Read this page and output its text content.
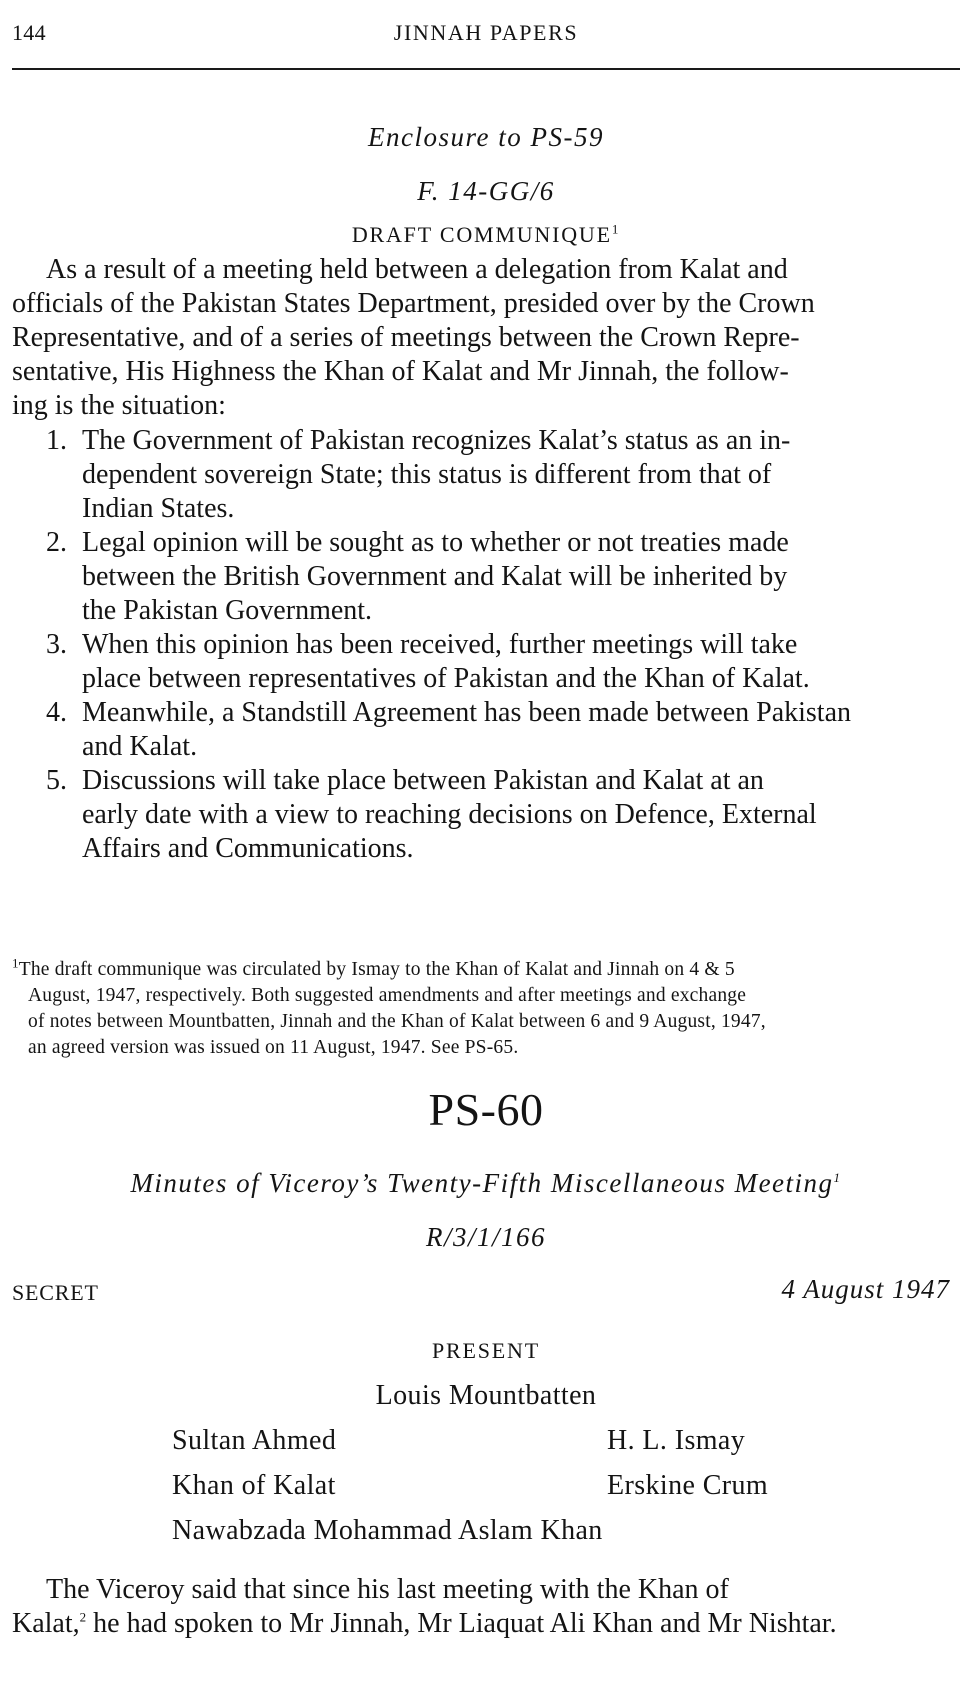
144	JINNAH PAPERS
Enclosure to PS-59
F. 14-GG/6
DRAFT COMMUNIQUE$^1$
As a result of a meeting held between a delegation from Kalat and
officials of the Pakistan States Department, presided over by the Crown
Representative, and of a series of meetings between the Crown Repre-
sentative, His Highness the Khan of Kalat and Mr Jinnah, the follow-
ing is the situation:
1. The Government of Pakistan recognizes Kalat’s status as an in-
dependent sovereign State; this status is different from that of
Indian States.
2. Legal opinion will be sought as to whether or not treaties made
between the British Government and Kalat will be inherited by
the Pakistan Government.
3. When this opinion has been received, further meetings will take
place between representatives of Pakistan and the Khan of Kalat.
4. Meanwhile, a Standstill Agreement has been made between Pakistan
and Kalat.
5. Discussions will take place between Pakistan and Kalat at an
early date with a view to reaching decisions on Defence, External
Affairs and Communications.
$^1$The draft communique was circulated by Ismay to the Khan of Kalat and Jinnah on 4 & 5
August, 1947, respectively. Both suggested amendments and after meetings and exchange
of notes between Mountbatten, Jinnah and the Khan of Kalat between 6 and 9 August, 1947,
an agreed version was issued on 11 August, 1947. See PS-65.
PS-60
Minutes of Viceroy’s Twenty-Fifth Miscellaneous Meeting$^1$
R/3/1/166
SECRET	4 August 1947
PRESENT
Louis Mountbatten
Sultan Ahmed	H. L. Ismay
Khan of Kalat	Erskine Crum
Nawabzada Mohammad Aslam Khan
The Viceroy said that since his last meeting with the Khan of
Kalat,$^2$ he had spoken to Mr Jinnah, Mr Liaquat Ali Khan and Mr Nishtar.
